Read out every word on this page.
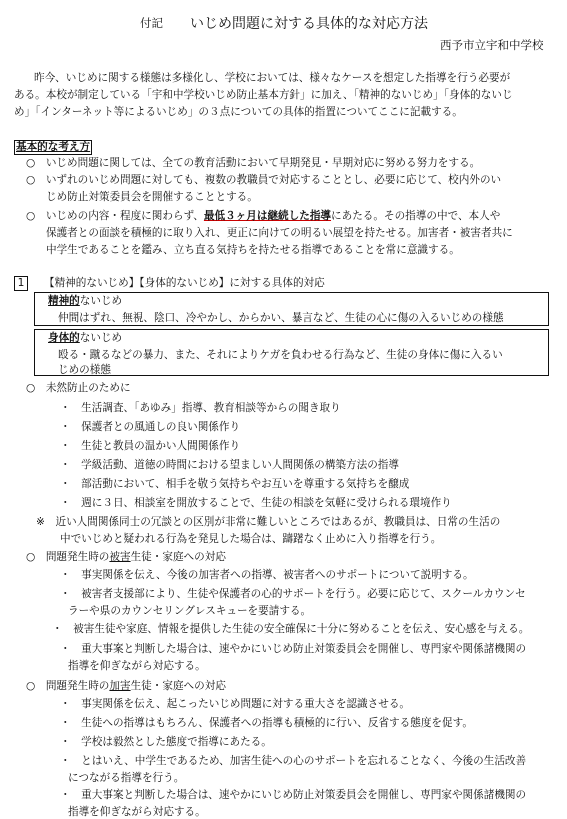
付記 いじめ問題に対する具体的な対応方法
西予市立宇和中学校
昨今、いじめに関する様態は多様化し、学校においては、様々なケースを想定した指導を行う必要が
ある。本校が制定している「宇和中学校いじめ防止基本方針」に加え、「精神的ないじめ」「身体的ないじ
め」「インターネット等によるいじめ」の３点についての具体的指置についてここに記載する。
基本的な考え方
○　いじめ問題に関しては、全ての教育活動において早期発見・早期対応に努める努力をする。
○　いずれのいじめ問題に対しても、複数の教職員で対応することとし、必要に応じて、校内外のい
じめ防止対策委員会を開催することとする。
○　いじめの内容・程度に関わらず、最低３ヶ月は継続した指導にあたる。その指導の中で、本人や
保護者との面談を積極的に取り入れ、更正に向けての明るい展望を持たせる。加害者・被害者共に
中学生であることを鑑み、立ち直る気持ちを持たせる指導であることを常に意識する。
1	【精神的ないじめ】【身体的ないじめ】に対する具体的対応
精神的ないじめ
仲間はずれ、無視、陰口、冷やかし、からかい、暴言など、生徒の心に傷の入るいじめの様態
身体的ないじめ
殴る・蹴るなどの暴力、また、それによりケガを負わせる行為など、生徒の身体に傷に入るい
じめの様態
○　未然防止のために
・　生活調査、「あゆみ」指導、教育相談等からの聞き取り
・　保護者との風通しの良い関係作り
・　生徒と教員の温かい人間関係作り
・　学級活動、道徳の時間における望ましい人間関係の構築方法の指導
・　部活動において、相手を敬う気持ちやお互いを尊重する気持ちを醸成
・　週に３日、相談室を開放することで、生徒の相談を気軽に受けられる環境作り
※　近い人間関係同士の冗談との区別が非常に難しいところではあるが、教職員は、日常の生活の
中でいじめと疑われる行為を発見した場合は、躊躇なく止めに入り指導を行う。
○　問題発生時の被害生徒・家庭への対応
・　事実関係を伝え、今後の加害者への指導、被害者へのサポートについて説明する。
・　被害者支援部により、生徒や保護者の心的サポートを行う。必要に応じて、スクールカウンセ
ラーや県のカウンセリングレスキューを要請する。
・　被害生徒や家庭、情報を提供した生徒の安全確保に十分に努めることを伝え、安心感を与える。
・　重大事案と判断した場合は、速やかにいじめ防止対策委員会を開催し、専門家や関係諸機関の
指導を仰ぎながら対応する。
○　問題発生時の加害生徒・家庭への対応
・　事実関係を伝え、起こったいじめ問題に対する重大さを認識させる。
・　生徒への指導はもちろん、保護者への指導も積極的に行い、反省する態度を促す。
・　学校は毅然とした態度で指導にあたる。
・　とはいえ、中学生であるため、加害生徒への心のサポートを忘れることなく、今後の生活改善
につながる指導を行う。
・　重大事案と判断した場合は、速やかにいじめ防止対策委員会を開催し、専門家や関係諸機関の
指導を仰ぎながら対応する。
